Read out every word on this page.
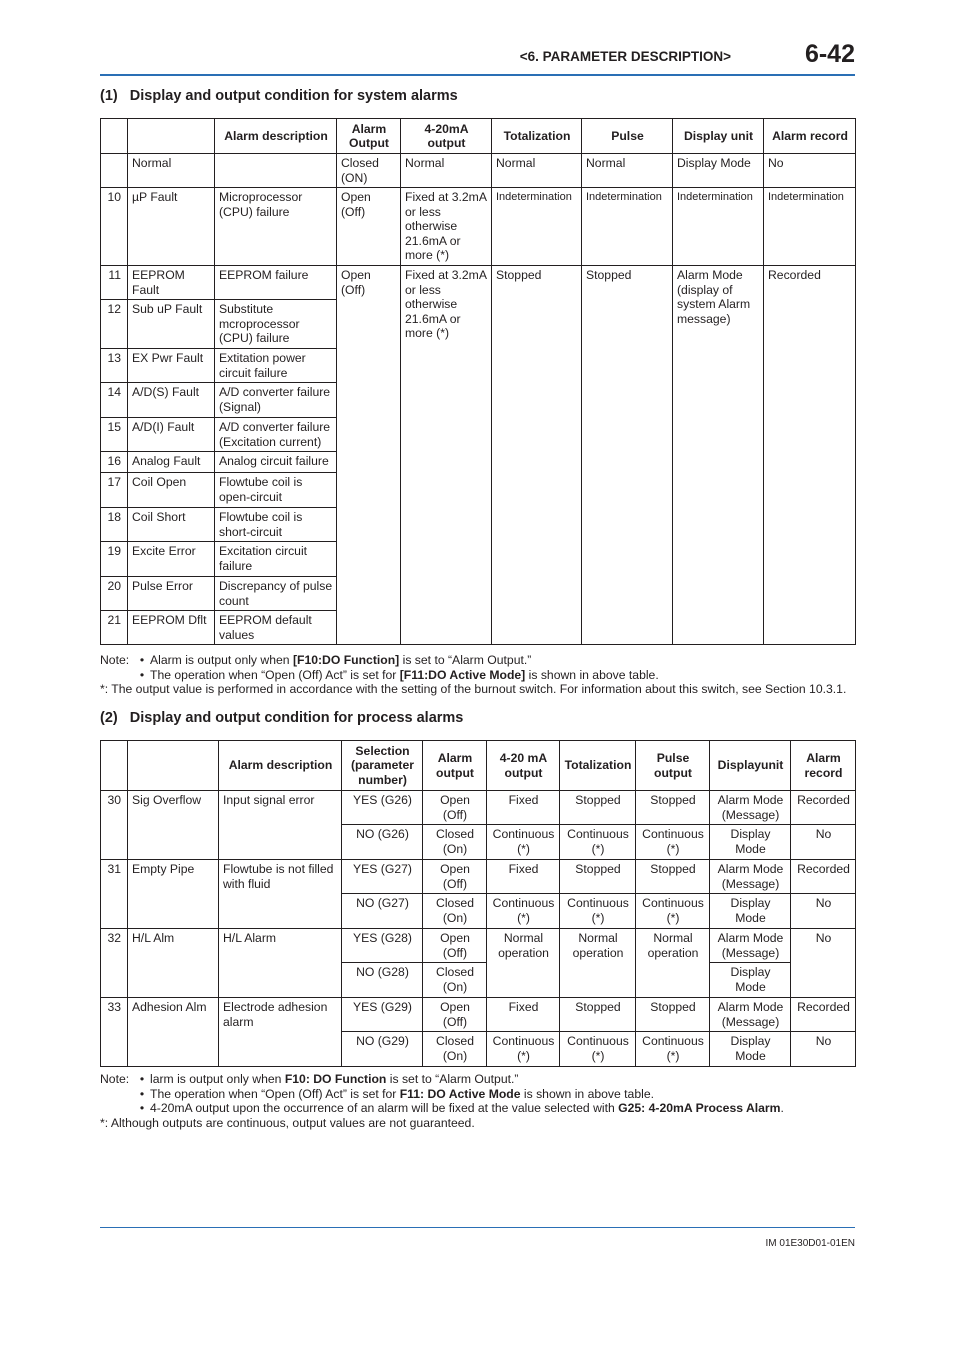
<6. PARAMETER DESCRIPTION>	6-42
(1)   Display and output condition for system alarms
		Alarm description	Alarm Output	4-20mA output	Totalization	Pulse	Display unit	Alarm record
	Normal		Closed (ON)	Normal	Normal	Normal	Display Mode	No
10	µP Fault	Microprocessor (CPU) failure	Open (Off)	Fixed at 3.2mA or less otherwise 21.6mA or more (*)	Indetermination	Indetermination	Indetermination	Indetermination
11	EEPROM Fault	EEPROM failure	Open (Off)	Fixed at 3.2mA or less otherwise 21.6mA or more (*)	Stopped	Stopped	Alarm Mode (display of system Alarm message)	Recorded
12	Sub uP Fault	Substitute mcroprocessor (CPU) failure						
13	EX Pwr Fault	Extitation power circuit failure						
14	A/D(S) Fault	A/D converter failure (Signal)						
15	A/D(I) Fault	A/D converter failure (Excitation current)						
16	Analog Fault	Analog circuit failure						
17	Coil Open	Flowtube coil is open-circuit						
18	Coil Short	Flowtube coil is short-circuit						
19	Excite Error	Excitation circuit failure						
20	Pulse Error	Discrepancy of pulse count						
21	EEPROM Dflt	EEPROM default values						
Note: • Alarm is output only when [F10:DO Function] is set to “Alarm Output.”
• The operation when “Open (Off) Act” is set for [F11:DO Active Mode] is shown in above table.
*: The output value is performed in accordance with the setting of the burnout switch. For information about this switch, see Section 10.3.1.
(2)   Display and output condition for process alarms
		Alarm description	Selection (parameter number)	Alarm output	4-20 mA output	Totalization	Pulse output	Displayunit	Alarm record
30	Sig Overflow	Input signal error	YES (G26)	Open (Off)	Fixed	Stopped	Stopped	Alarm Mode (Message)	Recorded
			NO (G26)	Closed (On)	Continuous (*)	Continuous (*)	Continuous (*)	Display Mode	No
31	Empty Pipe	Flowtube is not filled with fluid	YES (G27)	Open (Off)	Fixed	Stopped	Stopped	Alarm Mode (Message)	Recorded
			NO (G27)	Closed (On)	Continuous (*)	Continuous (*)	Continuous (*)	Display Mode	No
32	H/L Alm	H/L Alarm	YES (G28)	Open (Off)	Normal operation	Normal operation	Normal operation	Alarm Mode (Message)	No
			NO (G28)	Closed (On)				Display Mode	
33	Adhesion Alm	Electrode adhesion alarm	YES (G29)	Open (Off)	Fixed	Stopped	Stopped	Alarm Mode (Message)	Recorded
			NO (G29)	Closed (On)	Continuous (*)	Continuous (*)	Continuous (*)	Display Mode	No
Note: • larm is output only when F10: DO Function is set to “Alarm Output.”
• The operation when “Open (Off) Act” is set for F11: DO Active Mode is shown in above table.
• 4-20mA output upon the occurrence of an alarm will be fixed at the value selected with G25: 4-20mA Process Alarm.
*: Although outputs are continuous, output values are not guaranteed.
IM 01E30D01-01EN
